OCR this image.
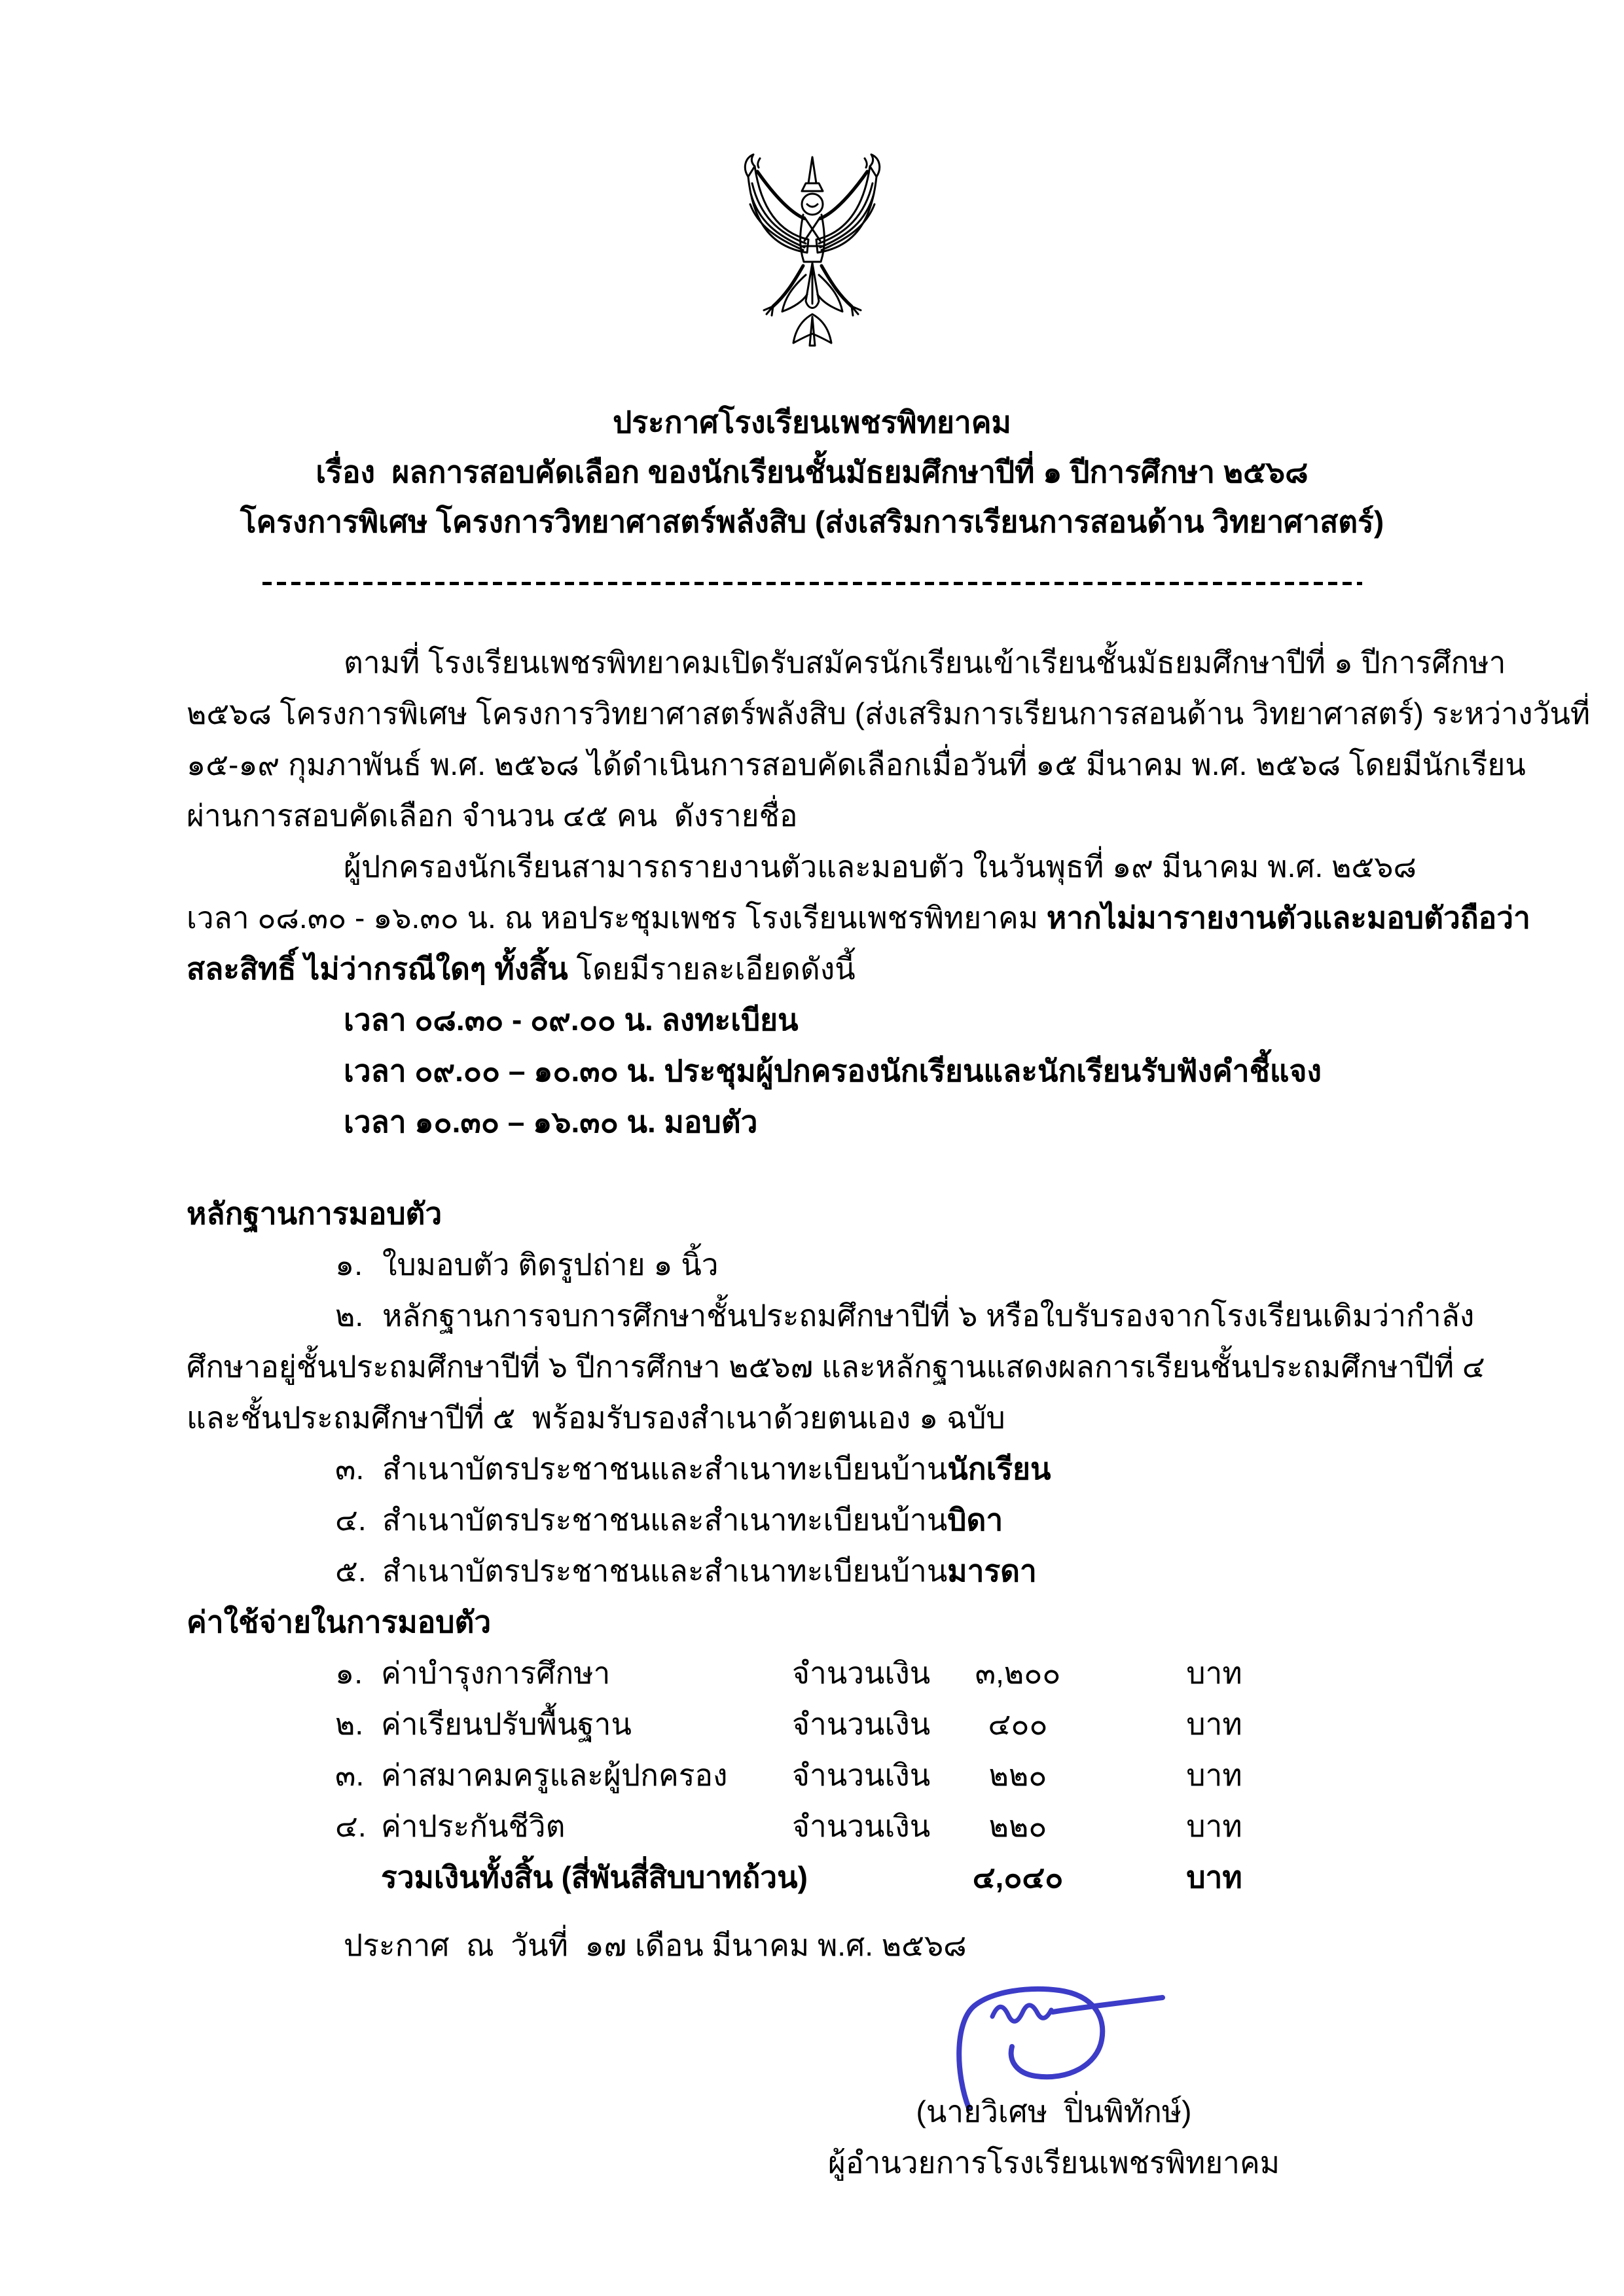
ประกาศโรงเรียนเพชรพิทยาคม
เรื่อง  ผลการสอบคัดเลือก ของนักเรียนชั้นมัธยมศึกษาปีที่ ๑ ปีการศึกษา ๒๕๖๘
โครงการพิเศษ โครงการวิทยาศาสตร์พลังสิบ (ส่งเสริมการเรียนการสอนด้าน วิทยาศาสตร์)
ตามที่ โรงเรียนเพชรพิทยาคมเปิดรับสมัครนักเรียนเข้าเรียนชั้นมัธยมศึกษาปีที่ ๑ ปีการศึกษา
๒๕๖๘ โครงการพิเศษ โครงการวิทยาศาสตร์พลังสิบ (ส่งเสริมการเรียนการสอนด้าน วิทยาศาสตร์) ระหว่างวันที่
๑๕-๑๙ กุมภาพันธ์ พ.ศ. ๒๕๖๘ ได้ดำเนินการสอบคัดเลือกเมื่อวันที่ ๑๕ มีนาคม พ.ศ. ๒๕๖๘ โดยมีนักเรียน
ผ่านการสอบคัดเลือก จำนวน ๔๕ คน  ดังรายชื่อ
ผู้ปกครองนักเรียนสามารถรายงานตัวและมอบตัว ในวันพุธที่ ๑๙ มีนาคม พ.ศ. ๒๕๖๘
เวลา ๐๘.๓๐ - ๑๖.๓๐ น. ณ หอประชุมเพชร โรงเรียนเพชรพิทยาคม หากไม่มารายงานตัวและมอบตัวถือว่า
สละสิทธิ์ ไม่ว่ากรณีใดๆ ทั้งสิ้น โดยมีรายละเอียดดังนี้
เวลา ๐๘.๓๐ - ๐๙.๐๐ น. ลงทะเบียน
เวลา ๐๙.๐๐ – ๑๐.๓๐ น. ประชุมผู้ปกครองนักเรียนและนักเรียนรับฟังคำชี้แจง
เวลา ๑๐.๓๐ – ๑๖.๓๐ น. มอบตัว
หลักฐานการมอบตัว
๑. ใบมอบตัว ติดรูปถ่าย ๑ นิ้ว
๒. หลักฐานการจบการศึกษาชั้นประถมศึกษาปีที่ ๖ หรือใบรับรองจากโรงเรียนเดิมว่ากำลัง
ศึกษาอยู่ชั้นประถมศึกษาปีที่ ๖ ปีการศึกษา ๒๕๖๗ และหลักฐานแสดงผลการเรียนชั้นประถมศึกษาปีที่ ๔
และชั้นประถมศึกษาปีที่ ๕  พร้อมรับรองสำเนาด้วยตนเอง ๑ ฉบับ
๓. สำเนาบัตรประชาชนและสำเนาทะเบียนบ้านนักเรียน
๔. สำเนาบัตรประชาชนและสำเนาทะเบียนบ้านบิดา
๕. สำเนาบัตรประชาชนและสำเนาทะเบียนบ้านมารดา
ค่าใช้จ่ายในการมอบตัว
๑. ค่าบำรุงการศึกษา	จำนวนเงิน ๓,๒๐๐	บาท
๒. ค่าเรียนปรับพื้นฐาน	จำนวนเงิน ๔๐๐	บาท
๓. ค่าสมาคมครูและผู้ปกครอง จำนวนเงิน ๒๒๐	บาท
๔. ค่าประกันชีวิต	จำนวนเงิน ๒๒๐	บาท
รวมเงินทั้งสิ้น (สี่พันสี่สิบบาทถ้วน)	๔,๐๔๐	บาท
ประกาศ  ณ  วันที่  ๑๗ เดือน มีนาคม พ.ศ. ๒๕๖๘
(นายวิเศษ  ปิ่นพิทักษ์)
ผู้อำนวยการโรงเรียนเพชรพิทยาคม
